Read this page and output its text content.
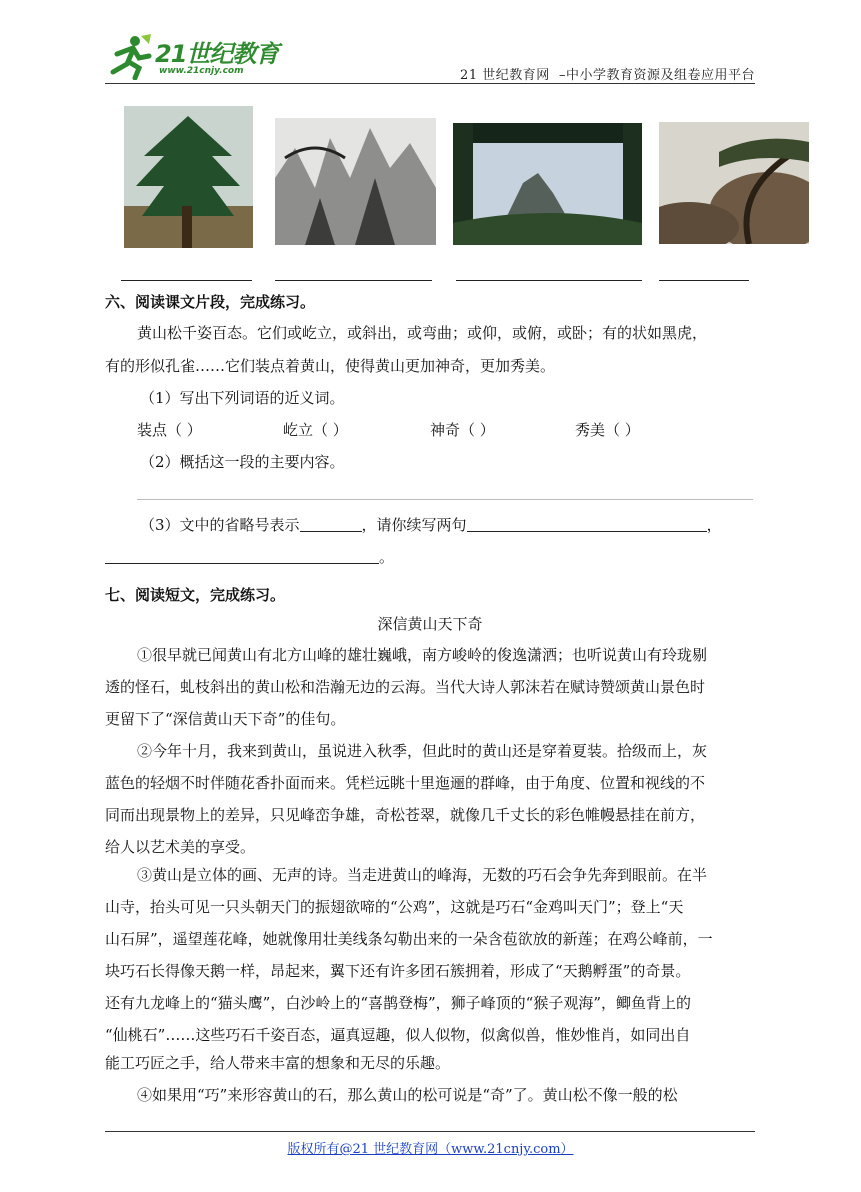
21世纪教育
www.21cnjy.com	21 世纪教育网  –中小学教育资源及组卷应用平台
六、阅读课文片段，完成练习。
黄山松千姿百态。它们或屹立，或斜出，或弯曲；或仰，或俯，或卧；有的状如黑虎，
有的形似孔雀……它们装点着黄山，使得黄山更加神奇，更加秀美。
（1）写出下列词语的近义词。
装点（ ）	屹立（ ）	神奇（ ）	秀美（ ）
（2）概括这一段的主要内容。
（3）文中的省略号表示	，请你续写两句	，
。
七、阅读短文，完成练习。
深信黄山天下奇
①很早就已闻黄山有北方山峰的雄壮巍峨，南方峻岭的俊逸潇洒；也听说黄山有玲珑剔
透的怪石，虬枝斜出的黄山松和浩瀚无边的云海。当代大诗人郭沫若在赋诗赞颂黄山景色时
更留下了“深信黄山天下奇”的佳句。
②今年十月，我来到黄山，虽说进入秋季，但此时的黄山还是穿着夏装。拾级而上，灰
蓝色的轻烟不时伴随花香扑面而来。凭栏远眺十里迤逦的群峰，由于角度、位置和视线的不
同而出现景物上的差异，只见峰峦争雄，奇松苍翠，就像几千丈长的彩色帷幔悬挂在前方，
给人以艺术美的享受。
③黄山是立体的画、无声的诗。当走进黄山的峰海，无数的巧石会争先奔到眼前。在半
山寺，抬头可见一只头朝天门的振翅欲啼的“公鸡”，这就是巧石“金鸡叫天门”；登上“天
山石屏”，遥望莲花峰，她就像用壮美线条勾勒出来的一朵含苞欲放的新莲；在鸡公峰前，一
块巧石长得像天鹅一样，昂起来，翼下还有许多团石簇拥着，形成了“天鹅孵蛋”的奇景。
还有九龙峰上的“猫头鹰”，白沙岭上的“喜鹊登梅”，狮子峰顶的“猴子观海”，鲫鱼背上的
“仙桃石”……这些巧石千姿百态，逼真逗趣，似人似物，似禽似兽，惟妙惟肖，如同出自
能工巧匠之手，给人带来丰富的想象和无尽的乐趣。
④如果用“巧”来形容黄山的石，那么黄山的松可说是“奇”了。黄山松不像一般的松
版权所有@21 世纪教育网（www.21cnjy.com）
